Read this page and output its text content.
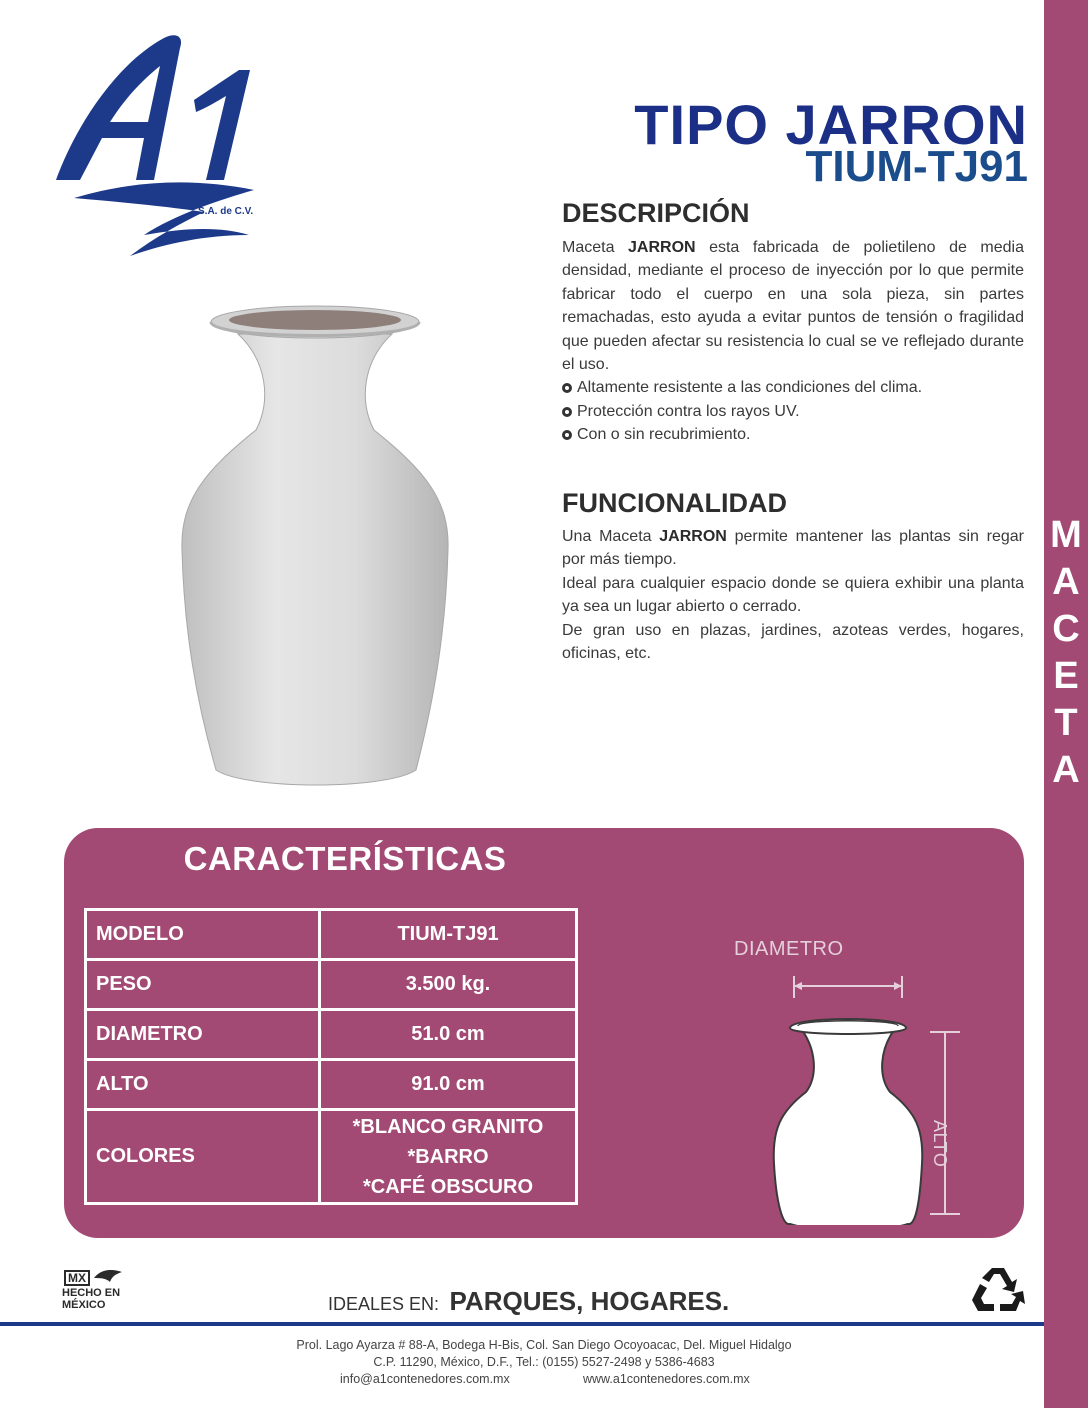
M
A
C
E
T
A
S.A. de C.V.
TIPO JARRON
TIUM-TJ91
DESCRIPCIÓN

Maceta JARRON esta fabricada de polietileno de media densidad, mediante el proceso de inyección por lo que permite fabricar todo el cuerpo en una sola pieza, sin partes remachadas, esto ayuda a evitar puntos de tensión o fragilidad que pueden afectar su resistencia lo cual se ve reflejado durante el uso.

Altamente resistente a las condiciones del clima.
Protección contra los rayos UV.
Con o sin recubrimiento.
FUNCIONALIDAD

Una Maceta JARRON permite mantener las plantas sin regar por más tiempo.

Ideal para cualquier espacio donde se quiera exhibir una planta ya sea un lugar abierto o cerrado.

De gran uso en plazas, jardines, azoteas verdes, hogares, oficinas, etc.

CARACTERÍSTICAS
MODELO	TIUM-TJ91
PESO	3.500 kg.
DIAMETRO	51.0 cm
ALTO	91.0 cm
COLORES	*BLANCO GRANITO
*BARRO
*CAFÉ OBSCURO
DIAMETRO
ALTO
MX
HECHO EN
MÉXICO	IDEALES EN: PARQUES, HOGARES.
Prol. Lago Ayarza # 88-A, Bodega H-Bis, Col. San Diego Ocoyoacac, Del. Miguel Hidalgo
C.P. 11290, México, D.F., Tel.: (0155) 5527-2498 y 5386-4683
info@a1contenedores.com.mx	www.a1contenedores.com.mx
